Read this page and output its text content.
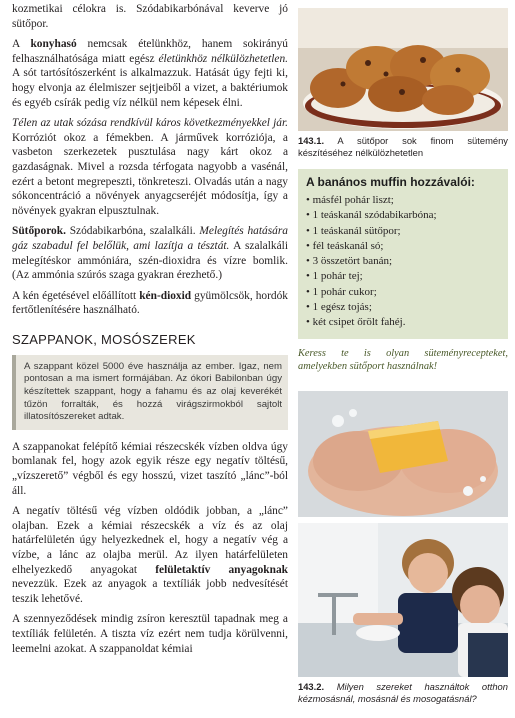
kozmetikai célokra is. Szódabikarbónával keverve jó sütőpor.

A konyhasó nemcsak ételünkhöz, hanem sokirányú felhasználhatósága miatt egész életünkhöz nélkülözhetetlen. A sót tartósítószerként is alkalmazzuk. Hatását úgy fejti ki, hogy elvonja az élelmiszer sejtjeiből a vizet, a baktériumok és egyéb csírák pedig víz nélkül nem képesek élni.

Télen az utak sózása rendkívül káros következményekkel jár. Korróziót okoz a fémekben. A járművek korróziója, a vasbeton szerkezetek pusztulása nagy kárt okoz a gazdaságnak. Mivel a rozsda térfogata nagyobb a vasénál, ezért a betont megrepeszti, tönkreteszi. Olvadás után a nagy sókoncentráció a növények anyagcseréjét módosítja, így a növények gyakran elpusztulnak.

Sütőporok. Szódabikarbóna, szalalkáli. Melegítés hatására gáz szabadul fel belőlük, ami lazítja a tésztát. A szalalkáli melegítéskor ammóniára, szén-dioxidra és vízre bomlik. (Az ammónia szúrós szaga gyakran érezhető.)

A kén égetésével előállított kén-dioxid gyümölcsök, hordók fertőtlenítésére használható.

SZAPPANOK, MOSÓSZEREK
A szappant közel 5000 éve használja az ember. Igaz, nem pontosan a ma ismert formájában. Az ókori Babilonban úgy készítettek szappant, hogy a fahamu és az olaj keverékét tűzön forralták, és hozzá virágszirmokból sajtolt illatosítószereket adtak.

A szappanokat felépítő kémiai részecskék vízben oldva úgy bomlanak fel, hogy azok egyik része egy negatív töltésű, „vízszerető” végből és egy hosszú, vizet taszító „lánc”-ból áll.

A negatív töltésű vég vízben oldódik jobban, a „lánc” olajban. Ezek a kémiai részecskék a víz és az olaj határfelületén úgy helyezkednek el, hogy a negatív vég a vízbe, a lánc az olajba merül. Az ilyen határfelületen elhelyezkedő anyagokat felületaktív anyagoknak nevezzük. Ezek az anyagok a textíliák jobb nedvesítését teszik lehetővé.

A szennyeződések mindig zsíron keresztül tapadnak meg a textíliák felületén. A tiszta víz ezért nem tudja körülvenni, leemelni azokat. A szappanoldat kémiai

143.1. A sütőpor sok finom sütemény készítéséhez nélkülözhetetlen

A banános muffin hozzávalói:
• másfél pohár liszt;
• 1 teáskanál szódabikarbóna;
• 1 teáskanál sütőpor;
• fél teáskanál só;
• 3 összetört banán;
• 1 pohár tej;
• 1 pohár cukor;
• 1 egész tojás;
• két csipet őrölt fahéj.

Keress te is olyan süteményrecepteket, amelyekben sütőport használnak!

143.2. Milyen szereket használtok otthon kézmosásnál, mosásnál és mosogatásnál?
